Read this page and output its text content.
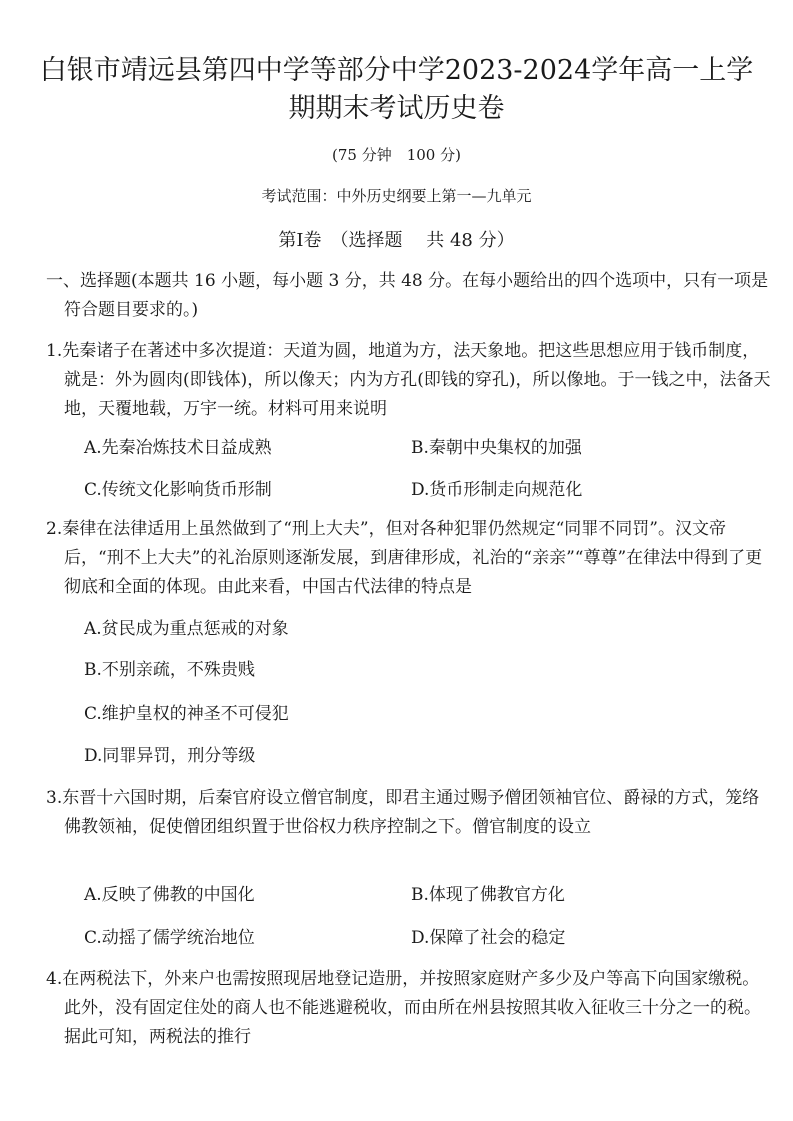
白银市靖远县第四中学等部分中学2023-2024学年高一上学
期期末考试历史卷
(75 分钟　100 分)
考试范围：中外历史纲要上第一—九单元
第Ⅰ卷　（选择题　 共 48 分）
一、选择题(本题共 16 小题，每小题 3 分，共 48 分。在每小题给出的四个选项中，只有一项是符合题目要求的。)
1.先秦诸子在著述中多次提道：天道为圆，地道为方，法天象地。把这些思想应用于钱币制度，就是：外为圆肉(即钱体)，所以像天；内为方孔(即钱的穿孔)，所以像地。于一钱之中，法备天地，天覆地载，万宇一统。材料可用来说明
A.先秦冶炼技术日益成熟	B.秦朝中央集权的加强
C.传统文化影响货币形制	D.货币形制走向规范化
2.秦律在法律适用上虽然做到了“刑上大夫”，但对各种犯罪仍然规定“同罪不同罚”。汉文帝后，“刑不上大夫”的礼治原则逐渐发展，到唐律形成，礼治的“亲亲”“尊尊”在律法中得到了更彻底和全面的体现。由此来看，中国古代法律的特点是
A.贫民成为重点惩戒的对象
B.不别亲疏，不殊贵贱
C.维护皇权的神圣不可侵犯
D.同罪异罚，刑分等级
3.东晋十六国时期，后秦官府设立僧官制度，即君主通过赐予僧团领袖官位、爵禄的方式，笼络佛教领袖，促使僧团组织置于世俗权力秩序控制之下。僧官制度的设立
A.反映了佛教的中国化	B.体现了佛教官方化
C.动摇了儒学统治地位	D.保障了社会的稳定
4.在两税法下，外来户也需按照现居地登记造册，并按照家庭财产多少及户等高下向国家缴税。此外，没有固定住处的商人也不能逃避税收，而由所在州县按照其收入征收三十分之一的税。据此可知，两税法的推行
